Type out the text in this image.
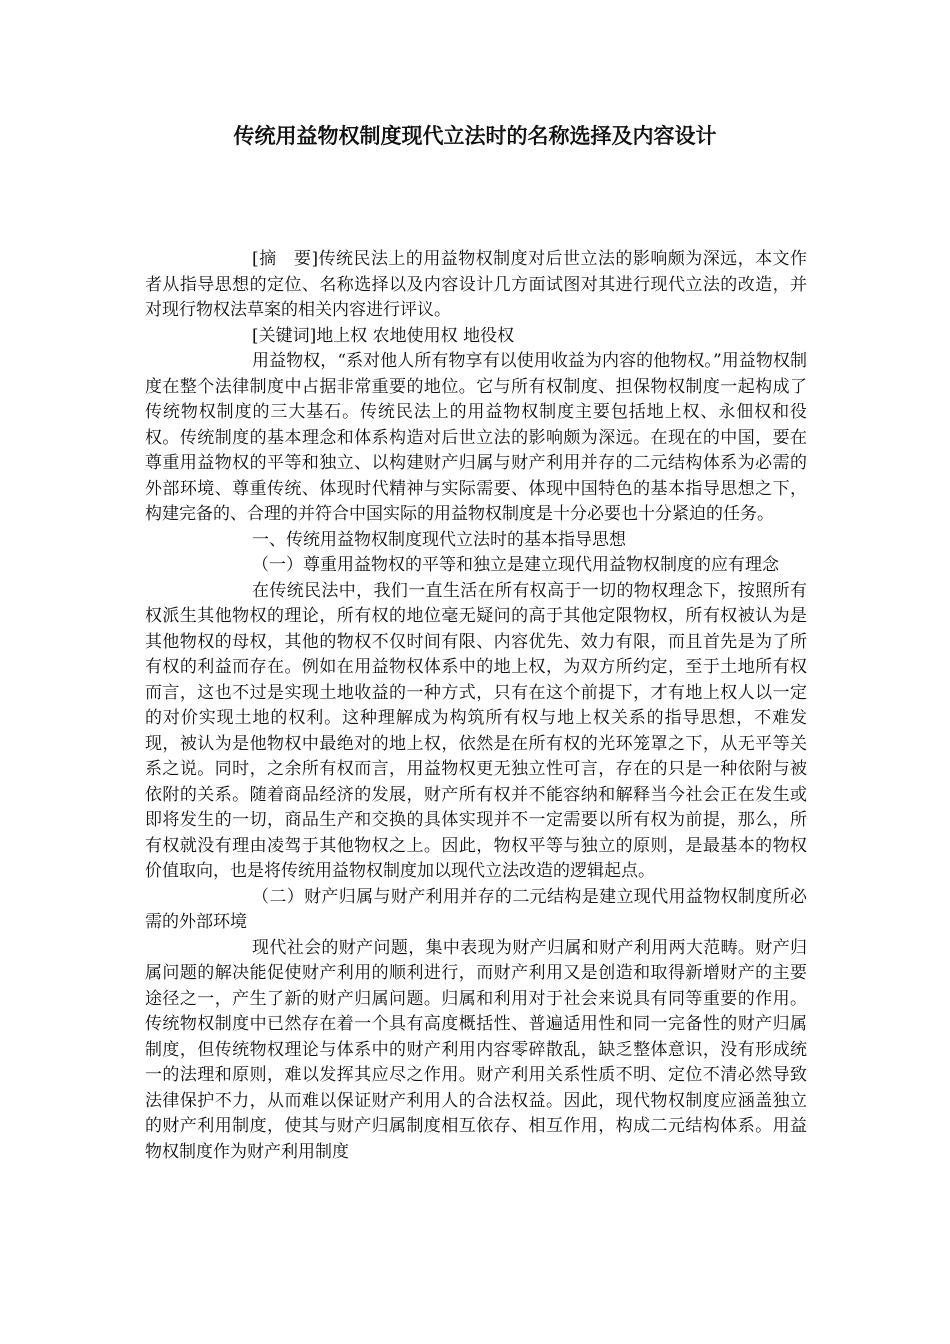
传统用益物权制度现代立法时的名称选择及内容设计

[摘　要]传统民法上的用益物权制度对后世立法的影响颇为深远，本文作者从指导思想的定位、名称选择以及内容设计几方面试图对其进行现代立法的改造，并对现行物权法草案的相关内容进行评议。

[关键词]地上权 农地使用权 地役权

用益物权，“系对他人所有物享有以使用收益为内容的他物权。”用益物权制度在整个法律制度中占据非常重要的地位。它与所有权制度、担保物权制度一起构成了传统物权制度的三大基石。传统民法上的用益物权制度主要包括地上权、永佃权和役权。传统制度的基本理念和体系构造对后世立法的影响颇为深远。在现在的中国，要在尊重用益物权的平等和独立、以构建财产归属与财产利用并存的二元结构体系为必需的外部环境、尊重传统、体现时代精神与实际需要、体现中国特色的基本指导思想之下，构建完备的、合理的并符合中国实际的用益物权制度是十分必要也十分紧迫的任务。

一、传统用益物权制度现代立法时的基本指导思想

（一）尊重用益物权的平等和独立是建立现代用益物权制度的应有理念

在传统民法中，我们一直生活在所有权高于一切的物权理念下，按照所有权派生其他物权的理论，所有权的地位毫无疑问的高于其他定限物权，所有权被认为是其他物权的母权，其他的物权不仅时间有限、内容优先、效力有限，而且首先是为了所有权的利益而存在。例如在用益物权体系中的地上权，为双方所约定，至于土地所有权而言，这也不过是实现土地收益的一种方式，只有在这个前提下，才有地上权人以一定的对价实现土地的权利。这种理解成为构筑所有权与地上权关系的指导思想，不难发现，被认为是他物权中最绝对的地上权，依然是在所有权的光环笼罩之下，从无平等关系之说。同时，之余所有权而言，用益物权更无独立性可言，存在的只是一种依附与被依附的关系。随着商品经济的发展，财产所有权并不能容纳和解释当今社会正在发生或即将发生的一切，商品生产和交换的具体实现并不一定需要以所有权为前提，那么，所有权就没有理由凌驾于其他物权之上。因此，物权平等与独立的原则，是最基本的物权价值取向，也是将传统用益物权制度加以现代立法改造的逻辑起点。

（二）财产归属与财产利用并存的二元结构是建立现代用益物权制度所必需的外部环境

现代社会的财产问题，集中表现为财产归属和财产利用两大范畴。财产归属问题的解决能促使财产利用的顺利进行，而财产利用又是创造和取得新增财产的主要途径之一，产生了新的财产归属问题。归属和利用对于社会来说具有同等重要的作用。传统物权制度中已然存在着一个具有高度概括性、普遍适用性和同一完备性的财产归属制度，但传统物权理论与体系中的财产利用内容零碎散乱，缺乏整体意识，没有形成统一的法理和原则，难以发挥其应尽之作用。财产利用关系性质不明、定位不清必然导致法律保护不力，从而难以保证财产利用人的合法权益。因此，现代物权制度应涵盖独立的财产利用制度，使其与财产归属制度相互依存、相互作用，构成二元结构体系。用益物权制度作为财产利用制度
